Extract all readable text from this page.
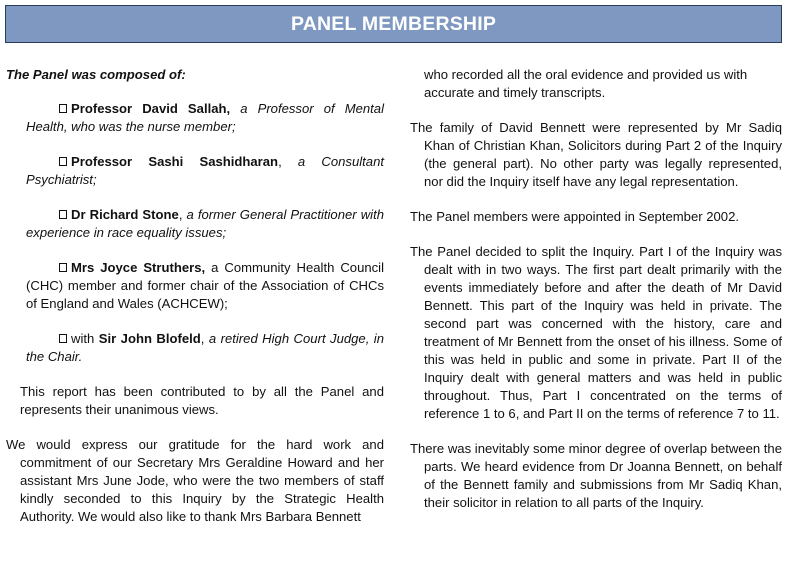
PANEL MEMBERSHIP

The Panel was composed of:

Professor David Sallah, a Professor of Mental Health, who was the nurse member;

Professor Sashi Sashidharan, a Consultant Psychiatrist;

Dr Richard Stone, a former General Practitioner with experience in race equality issues;

Mrs Joyce Struthers, a Community Health Council (CHC) member and former chair of the Association of CHCs of England and Wales (ACHCEW);

with Sir John Blofeld, a retired High Court Judge, in the Chair.

This report has been contributed to by all the Panel and represents their unanimous views.

We would express our gratitude for the hard work and commitment of our Secretary Mrs Geraldine Howard and her assistant Mrs June Jode, who were the two members of staff kindly seconded to this Inquiry by the Strategic Health Authority. We would also like to thank Mrs Barbara Bennett

who recorded all the oral evidence and provided us with accurate and timely transcripts.

The family of David Bennett were represented by Mr Sadiq Khan of Christian Khan, Solicitors during Part 2 of the Inquiry (the general part). No other party was legally represented, nor did the Inquiry itself have any legal representation.

The Panel members were appointed in September 2002.

The Panel decided to split the Inquiry. Part I of the Inquiry was dealt with in two ways. The first part dealt primarily with the events immediately before and after the death of Mr David Bennett. This part of the Inquiry was held in private. The second part was concerned with the history, care and treatment of Mr Bennett from the onset of his illness. Some of this was held in public and some in private. Part II of the Inquiry dealt with general matters and was held in public throughout. Thus, Part I concentrated on the terms of reference 1 to 6, and Part II on the terms of reference 7 to 11.

There was inevitably some minor degree of overlap between the parts. We heard evidence from Dr Joanna Bennett, on behalf of the Bennett family and submissions from Mr Sadiq Khan, their solicitor in relation to all parts of the Inquiry.
